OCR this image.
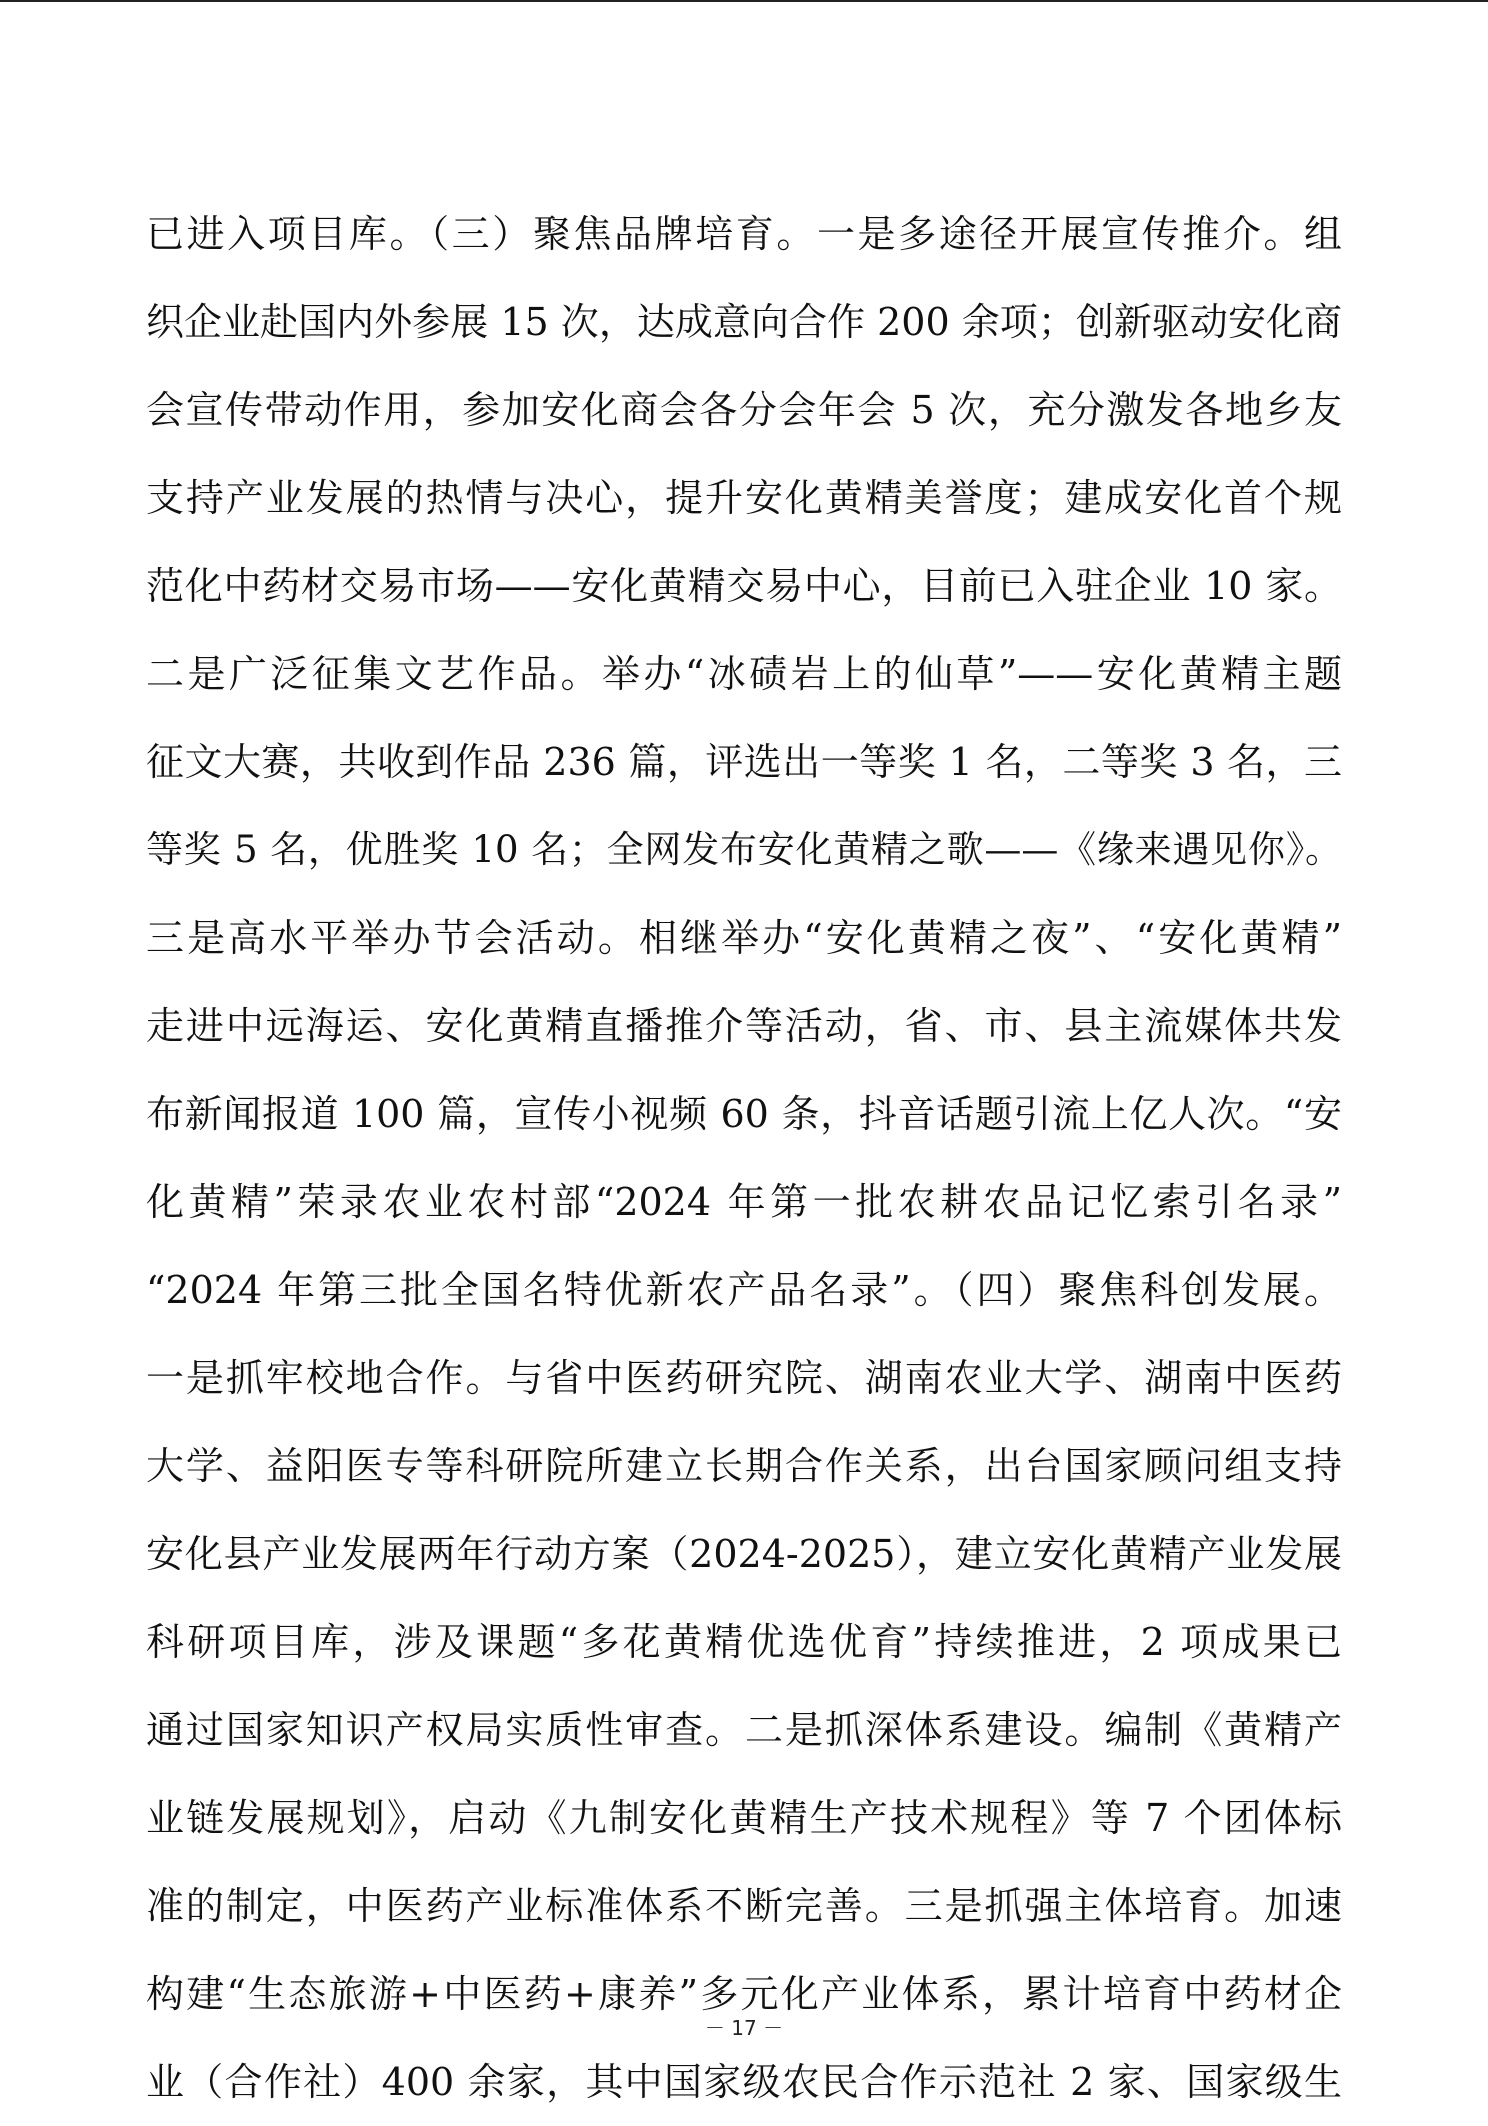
已进入项目库。（三）聚焦品牌培育。一是多途径开展宣传推介。组
织企业赴国内外参展 15 次，达成意向合作 200 余项；创新驱动安化商
会宣传带动作用，参加安化商会各分会年会 5 次，充分激发各地乡友
支持产业发展的热情与决心，提升安化黄精美誉度；建成安化首个规
范化中药材交易市场——安化黄精交易中心，目前已入驻企业 10 家。
二是广泛征集文艺作品。举办“冰碛岩上的仙草”——安化黄精主题
征文大赛，共收到作品 236 篇，评选出一等奖 1 名，二等奖 3 名，三
等奖 5 名，优胜奖 10 名；全网发布安化黄精之歌——《缘来遇见你》。
三是高水平举办节会活动。相继举办“安化黄精之夜”、“安化黄精”
走进中远海运、安化黄精直播推介等活动，省、市、县主流媒体共发
布新闻报道 100 篇，宣传小视频 60 条，抖音话题引流上亿人次。“安
化黄精”荣录农业农村部“2024 年第一批农耕农品记忆索引名录”
“2024 年第三批全国名特优新农产品名录”。（四）聚焦科创发展。
一是抓牢校地合作。与省中医药研究院、湖南农业大学、湖南中医药
大学、益阳医专等科研院所建立长期合作关系，出台国家顾问组支持
安化县产业发展两年行动方案（2024-2025），建立安化黄精产业发展
科研项目库，涉及课题“多花黄精优选优育”持续推进，2 项成果已
通过国家知识产权局实质性审查。二是抓深体系建设。编制《黄精产
业链发展规划》，启动《九制安化黄精生产技术规程》等 7 个团体标
准的制定，中医药产业标准体系不断完善。三是抓强主体培育。加速
构建“生态旅游+中医药+康养”多元化产业体系，累计培育中药材企
业（合作社）400 余家，其中国家级农民合作示范社 2 家、国家级生
－ 17 －
